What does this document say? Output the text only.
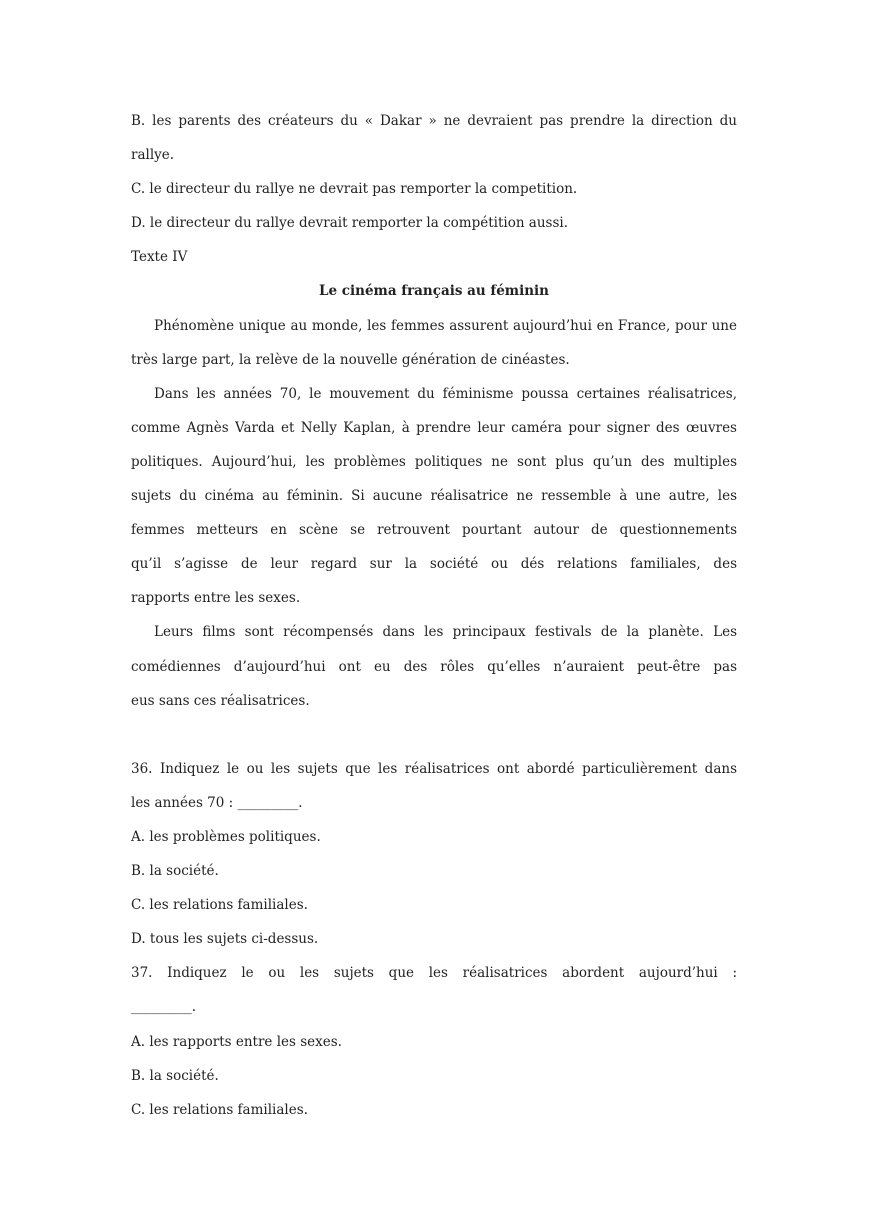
B. les parents des créateurs du « Dakar » ne devraient pas prendre la direction du
rallye.
C. le directeur du rallye ne devrait pas remporter la competition.
D. le directeur du rallye devrait remporter la compétition aussi.
Texte IV
Le cinéma français au féminin
Phénomène unique au monde, les femmes assurent aujourd’hui en France, pour une
très large part, la relève de la nouvelle génération de cinéastes.
Dans les années 70, le mouvement du féminisme poussa certaines réalisatrices,
comme Agnès Varda et Nelly Kaplan, à prendre leur caméra pour signer des œuvres
politiques. Aujourd’hui, les problèmes politiques ne sont plus qu’un des multiples
sujets du cinéma au féminin. Si aucune réalisatrice ne ressemble à une autre, les
femmes metteurs en scène se retrouvent pourtant autour de questionnements
qu’il s’agisse de leur regard sur la société ou dés relations familiales, des
rapports entre les sexes.
Leurs films sont récompensés dans les principaux festivals de la planète. Les
comédiennes d’aujourd’hui ont eu des rôles qu’elles n’auraient peut-être pas
eus sans ces réalisatrices.
36. Indiquez le ou les sujets que les réalisatrices ont abordé particulièrement dans
les années 70 : _________.
A. les problèmes politiques.
B. la société.
C. les relations familiales.
D. tous les sujets ci-dessus.
37. Indiquez le ou les sujets que les réalisatrices abordent aujourd’hui :
_________.
A. les rapports entre les sexes.
B. la société.
C. les relations familiales.
